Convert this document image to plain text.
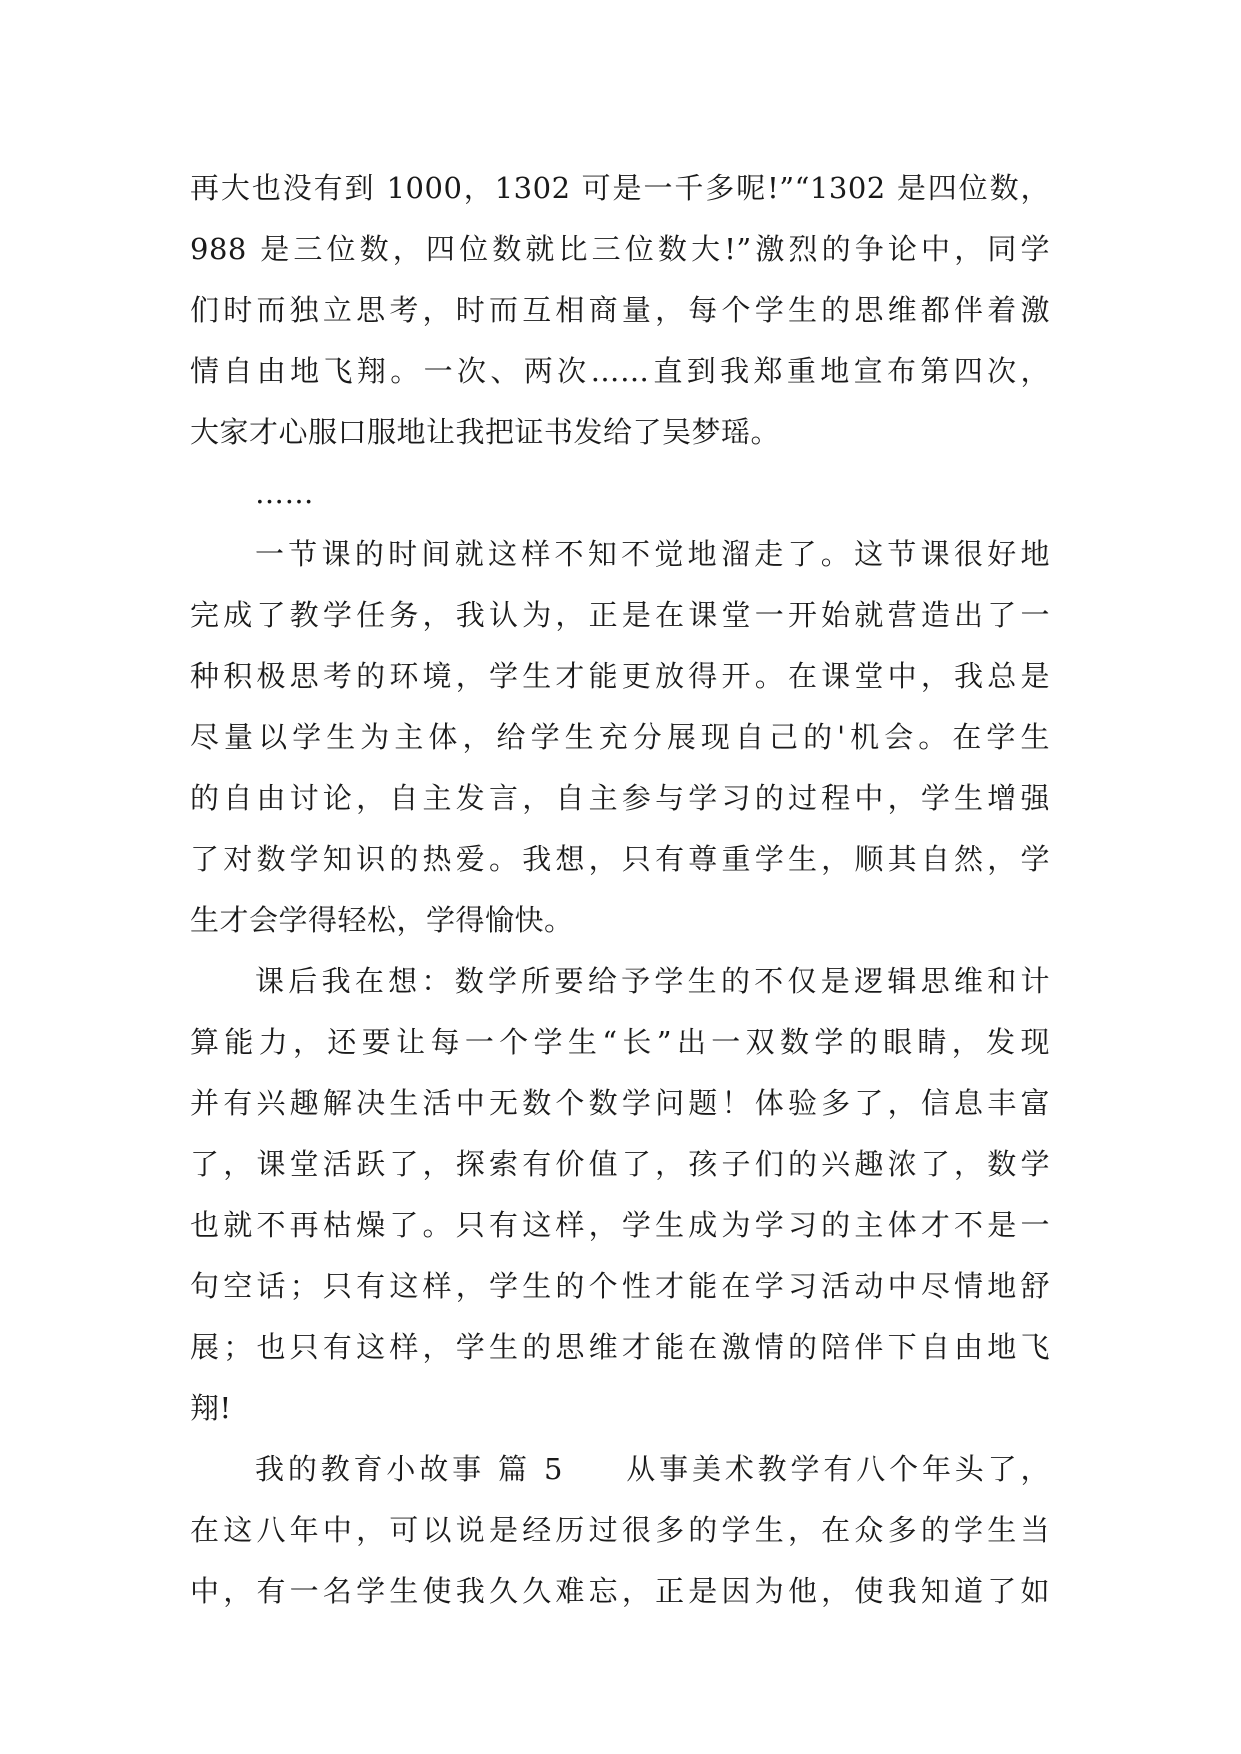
再大也没有到 1000，1302 可是一千多呢!”“1302 是四位数，
988 是三位数，四位数就比三位数大!”激烈的争论中，同学
们时而独立思考，时而互相商量，每个学生的思维都伴着激
情自由地飞翔。一次、两次……直到我郑重地宣布第四次，
大家才心服口服地让我把证书发给了吴梦瑶。
……
一节课的时间就这样不知不觉地溜走了。这节课很好地
完成了教学任务，我认为，正是在课堂一开始就营造出了一
种积极思考的环境，学生才能更放得开。在课堂中，我总是
尽量以学生为主体，给学生充分展现自己的'机会。在学生
的自由讨论，自主发言，自主参与学习的过程中，学生增强
了对数学知识的热爱。我想，只有尊重学生，顺其自然，学
生才会学得轻松，学得愉快。
课后我在想：数学所要给予学生的不仅是逻辑思维和计
算能力，还要让每一个学生“长”出一双数学的眼睛，发现
并有兴趣解决生活中无数个数学问题！体验多了，信息丰富
了，课堂活跃了，探索有价值了，孩子们的兴趣浓了，数学
也就不再枯燥了。只有这样，学生成为学习的主体才不是一
句空话；只有这样，学生的个性才能在学习活动中尽情地舒
展；也只有这样，学生的思维才能在激情的陪伴下自由地飞
翔!
我的教育小故事 篇 5 从事美术教学有八个年头了，
在这八年中，可以说是经历过很多的学生，在众多的学生当
中，有一名学生使我久久难忘，正是因为他，使我知道了如
